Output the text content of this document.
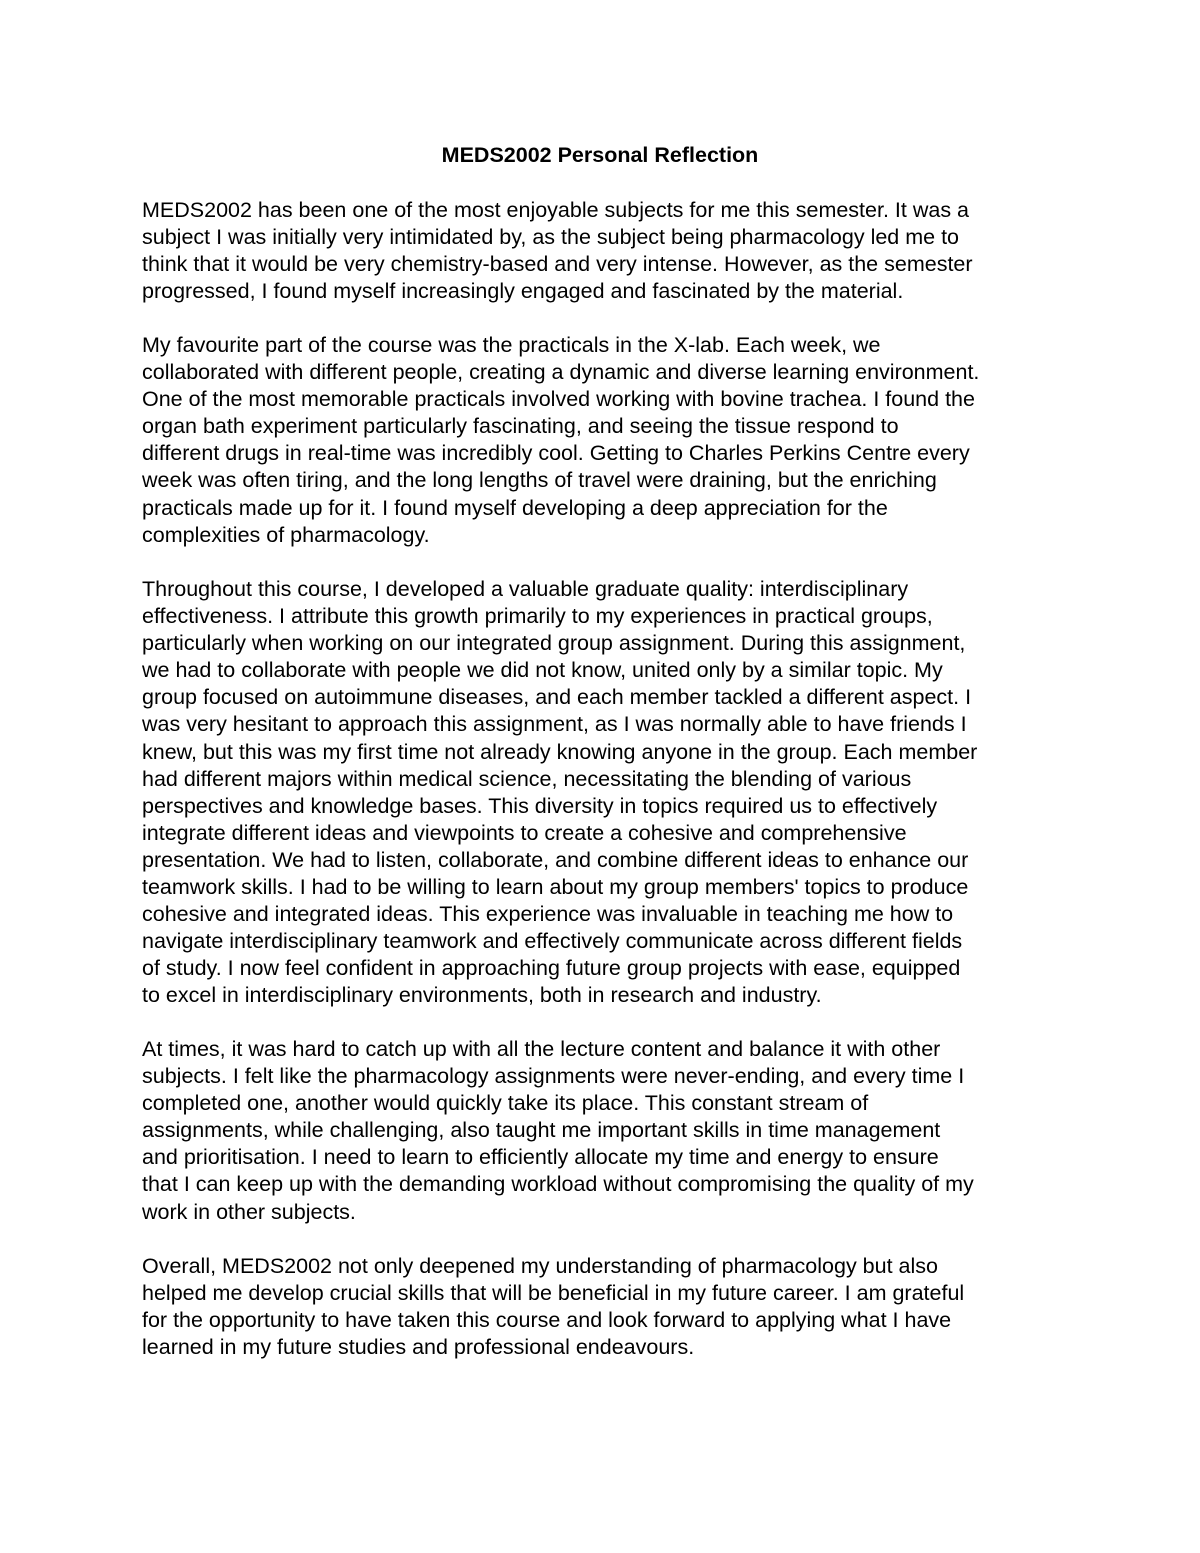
MEDS2002 Personal Reflection
MEDS2002 has been one of the most enjoyable subjects for me this semester. It was a
subject I was initially very intimidated by, as the subject being pharmacology led me to
think that it would be very chemistry-based and very intense. However, as the semester
progressed, I found myself increasingly engaged and fascinated by the material.
My favourite part of the course was the practicals in the X-lab. Each week, we
collaborated with different people, creating a dynamic and diverse learning environment.
One of the most memorable practicals involved working with bovine trachea. I found the
organ bath experiment particularly fascinating, and seeing the tissue respond to
different drugs in real-time was incredibly cool. Getting to Charles Perkins Centre every
week was often tiring, and the long lengths of travel were draining, but the enriching
practicals made up for it. I found myself developing a deep appreciation for the
complexities of pharmacology.
Throughout this course, I developed a valuable graduate quality: interdisciplinary
effectiveness. I attribute this growth primarily to my experiences in practical groups,
particularly when working on our integrated group assignment. During this assignment,
we had to collaborate with people we did not know, united only by a similar topic. My
group focused on autoimmune diseases, and each member tackled a different aspect. I
was very hesitant to approach this assignment, as I was normally able to have friends I
knew, but this was my first time not already knowing anyone in the group. Each member
had different majors within medical science, necessitating the blending of various
perspectives and knowledge bases. This diversity in topics required us to effectively
integrate different ideas and viewpoints to create a cohesive and comprehensive
presentation. We had to listen, collaborate, and combine different ideas to enhance our
teamwork skills. I had to be willing to learn about my group members' topics to produce
cohesive and integrated ideas. This experience was invaluable in teaching me how to
navigate interdisciplinary teamwork and effectively communicate across different fields
of study. I now feel confident in approaching future group projects with ease, equipped
to excel in interdisciplinary environments, both in research and industry.
At times, it was hard to catch up with all the lecture content and balance it with other
subjects. I felt like the pharmacology assignments were never-ending, and every time I
completed one, another would quickly take its place. This constant stream of
assignments, while challenging, also taught me important skills in time management
and prioritisation. I need to learn to efficiently allocate my time and energy to ensure
that I can keep up with the demanding workload without compromising the quality of my
work in other subjects.
Overall, MEDS2002 not only deepened my understanding of pharmacology but also
helped me develop crucial skills that will be beneficial in my future career. I am grateful
for the opportunity to have taken this course and look forward to applying what I have
learned in my future studies and professional endeavours.
